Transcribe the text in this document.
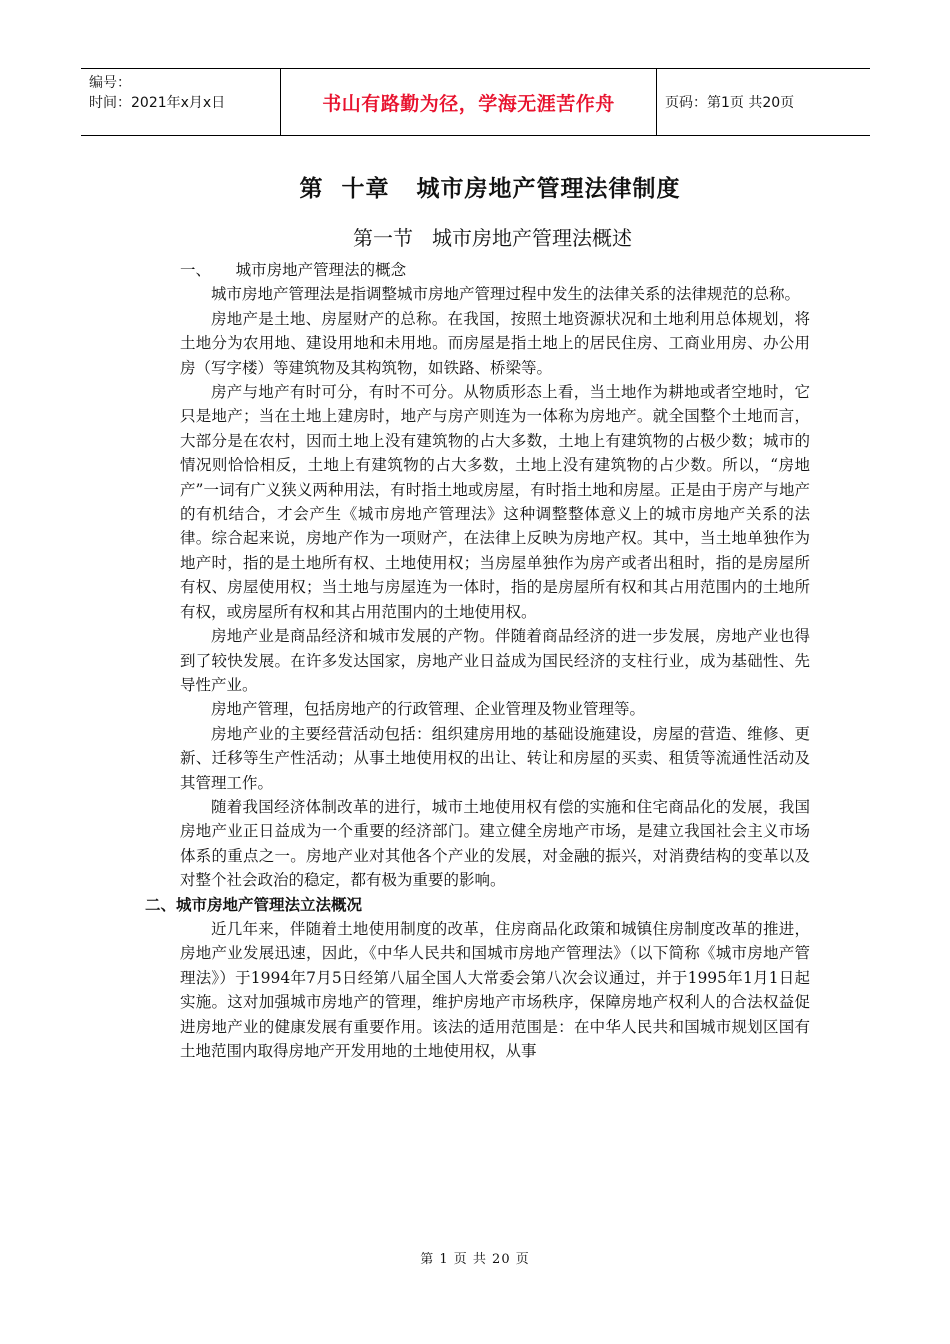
编号：
时间：2021年x月x日	书山有路勤为径，学海无涯苦作舟	页码：第1页 共20页
第  十章   城市房地产管理法律制度
第一节   城市房地产管理法概述

一、     城市房地产管理法的概念

城市房地产管理法是指调整城市房地产管理过程中发生的法律关系的法律规范的总称。

房地产是土地、房屋财产的总称。在我国，按照土地资源状况和土地利用总体规划，将土地分为农用地、建设用地和未用地。而房屋是指土地上的居民住房、工商业用房、办公用房（写字楼）等建筑物及其构筑物，如铁路、桥梁等。

房产与地产有时可分，有时不可分。从物质形态上看，当土地作为耕地或者空地时，它只是地产；当在土地上建房时，地产与房产则连为一体称为房地产。就全国整个土地而言，大部分是在农村，因而土地上没有建筑物的占大多数，土地上有建筑物的占极少数；城市的情况则恰恰相反，土地上有建筑物的占大多数，土地上没有建筑物的占少数。所以，“房地产”一词有广义狭义两种用法，有时指土地或房屋，有时指土地和房屋。正是由于房产与地产的有机结合，才会产生《城市房地产管理法》这种调整整体意义上的城市房地产关系的法律。综合起来说，房地产作为一项财产，在法律上反映为房地产权。其中，当土地单独作为地产时，指的是土地所有权、土地使用权；当房屋单独作为房产或者出租时，指的是房屋所有权、房屋使用权；当土地与房屋连为一体时，指的是房屋所有权和其占用范围内的土地所有权，或房屋所有权和其占用范围内的土地使用权。

房地产业是商品经济和城市发展的产物。伴随着商品经济的进一步发展，房地产业也得到了较快发展。在许多发达国家，房地产业日益成为国民经济的支柱行业，成为基础性、先导性产业。

房地产管理，包括房地产的行政管理、企业管理及物业管理等。

房地产业的主要经营活动包括：组织建房用地的基础设施建设，房屋的营造、维修、更新、迁移等生产性活动；从事土地使用权的出让、转让和房屋的买卖、租赁等流通性活动及其管理工作。

随着我国经济体制改革的进行，城市土地使用权有偿的实施和住宅商品化的发展，我国房地产业正日益成为一个重要的经济部门。建立健全房地产市场，是建立我国社会主义市场体系的重点之一。房地产业对其他各个产业的发展，对金融的振兴，对消费结构的变革以及对整个社会政治的稳定，都有极为重要的影响。

二、城市房地产管理法立法概况

近几年来，伴随着土地使用制度的改革，住房商品化政策和城镇住房制度改革的推进，房地产业发展迅速，因此，《中华人民共和国城市房地产管理法》（以下简称《城市房地产管理法》）于1994年7月5日经第八届全国人大常委会第八次会议通过，并于1995年1月1日起实施。这对加强城市房地产的管理，维护房地产市场秩序，保障房地产权利人的合法权益促进房地产业的健康发展有重要作用。该法的适用范围是：在中华人民共和国城市规划区国有土地范围内取得房地产开发用地的土地使用权，从事

第 1 页 共 20 页
